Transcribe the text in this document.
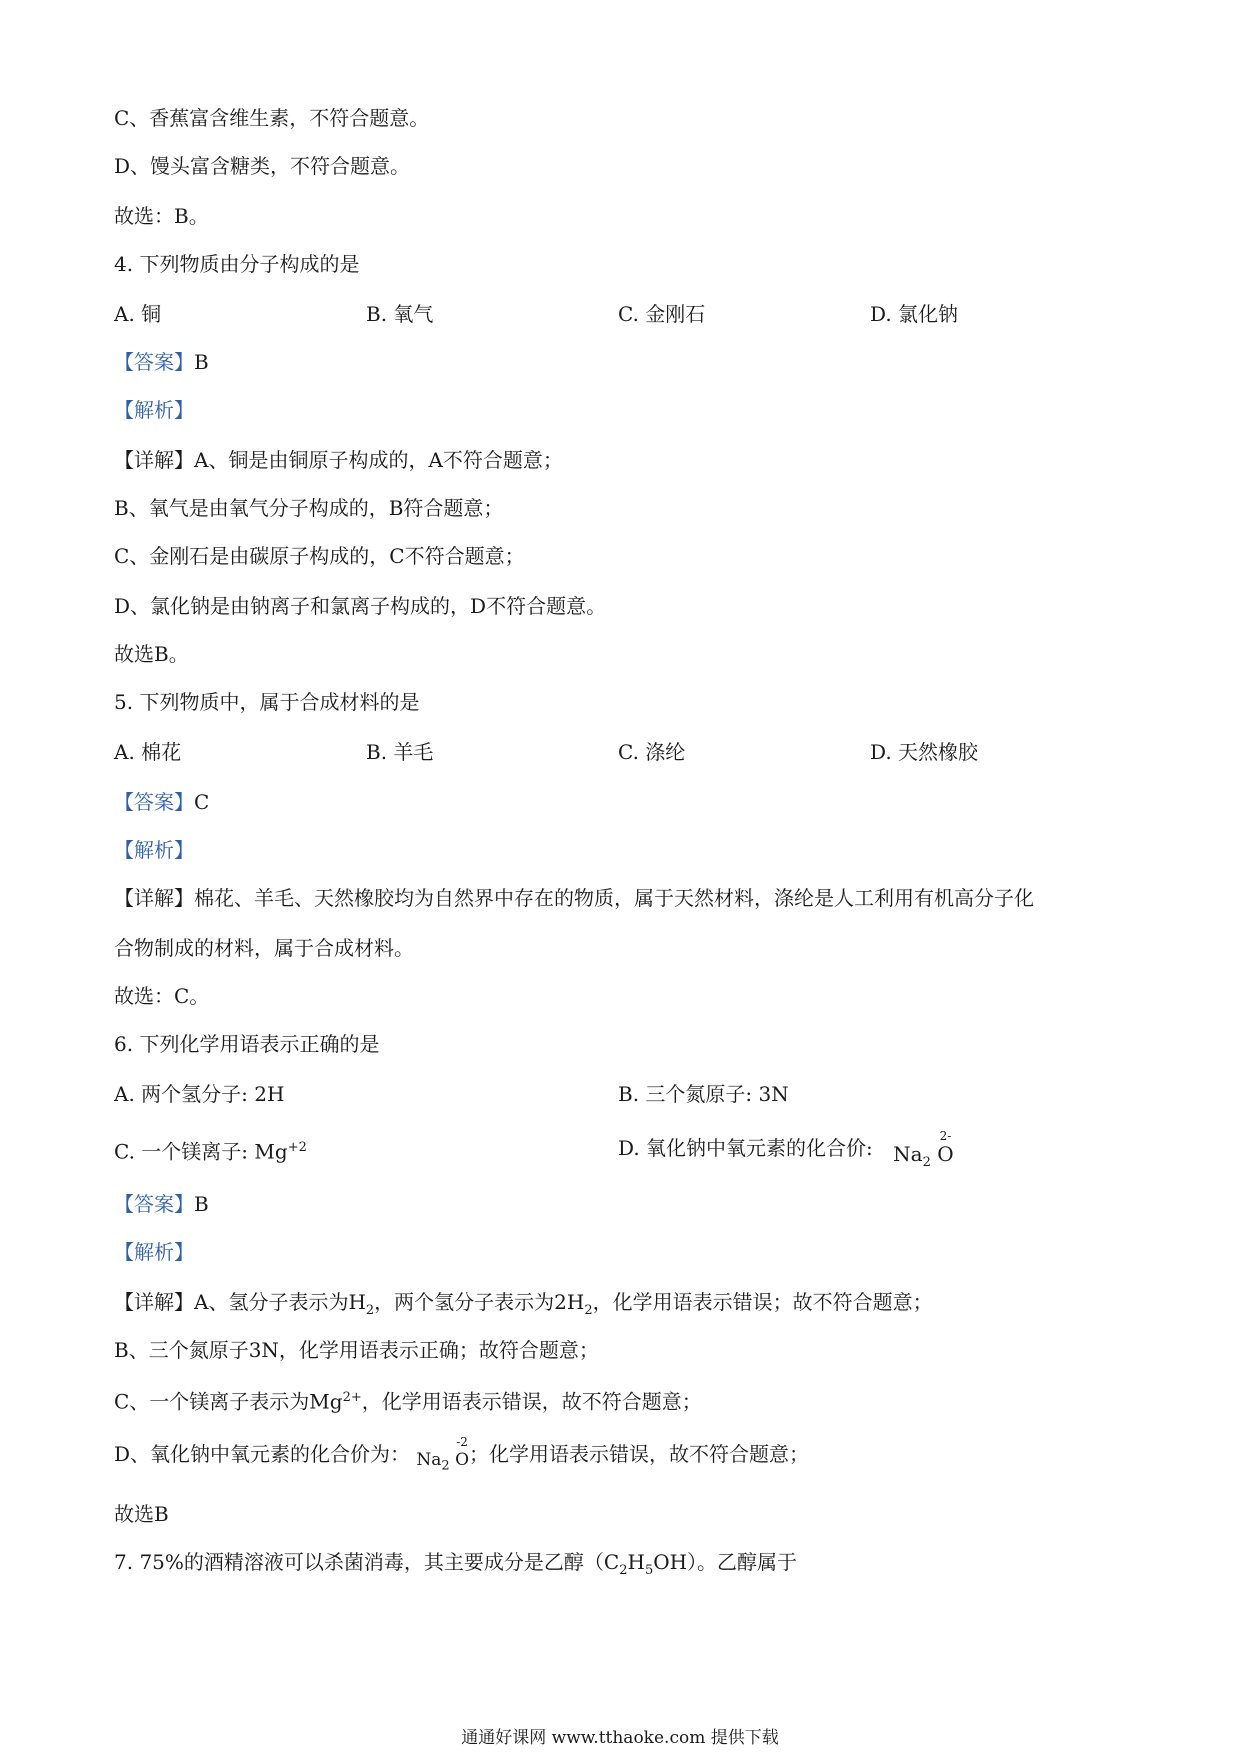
C、香蕉富含维生素，不符合题意。
D、馒头富含糖类，不符合题意。
故选：B。
4. 下列物质由分子构成的是
A. 铜	B. 氧气	C. 金刚石	D. 氯化钠
【答案】B
【解析】
【详解】A、铜是由铜原子构成的，A不符合题意；
B、氧气是由氧气分子构成的，B符合题意；
C、金刚石是由碳原子构成的，C不符合题意；
D、氯化钠是由钠离子和氯离子构成的，D不符合题意。
故选B。
5. 下列物质中，属于合成材料的是
A. 棉花	B. 羊毛	C. 涤纶	D. 天然橡胶
【答案】C
【解析】
【详解】棉花、羊毛、天然橡胶均为自然界中存在的物质，属于天然材料，涤纶是人工利用有机高分子化
合物制成的材料，属于合成材料。
故选：C。
6. 下列化学用语表示正确的是
A. 两个氢分子: 2H	B. 三个氮原子: 3N
C. 一个镁离子: $Mg^{+2}$	D. 氧化钠中氧元素的化合价: $Na_2$
2-
O
【答案】B
【解析】
【详解】A、氢分子表示为$H_2$，两个氢分子表示为$2H_2$，化学用语表示错误；故不符合题意；
B、三个氮原子3N，化学用语表示正确；故符合题意；
C、一个镁离子表示为$Mg^{2+}$，化学用语表示错误，故不符合题意；
D、氧化钠中氧元素的化合价为： $Na_2$
-2
O；化学用语表示错误，故不符合题意；
故选B
7. 75%的酒精溶液可以杀菌消毒，其主要成分是乙醇$(C_2H_5OH)$。乙醇属于
通通好课网 www.tthaoke.com 提供下载
